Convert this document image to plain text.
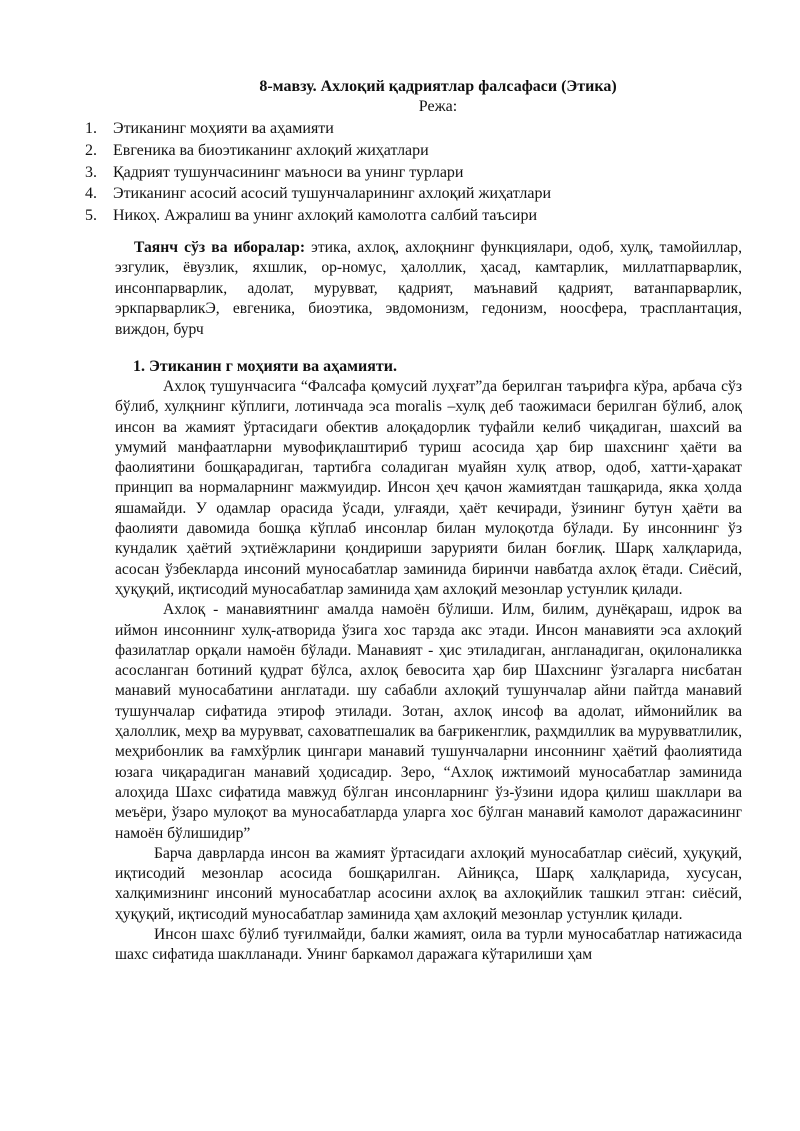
8-мавзу. Ахлоқий қадриятлар фалсафаси (Этика)
Режа:
1. Этиканинг моҳияти ва аҳамияти
2. Евгеника ва биоэтиканинг ахлоқий жиҳатлари
3. Қадрият тушунчасининг маъноси ва унинг турлари
4. Этиканинг асосий асосий тушунчаларининг ахлоқий жиҳатлари
5. Никоҳ. Ажралиш ва унинг ахлоқий камолотга салбий таъсири

Таянч сўз ва иборалар: этика, ахлоқ, ахлоқнинг функциялари, одоб, хулқ, тамойиллар, эзгулик, ёвузлик, яхшлик, ор-номус, ҳалоллик, ҳасад, камтарлик, миллатпарварлик, инсонпарварлик, адолат, мурувват, қадрият, маънавий қадрият, ватанпарварлик, эркпарварликЭ, евгеника, биоэтика, эвдомонизм, гедонизм, ноосфера, трасплантация, виждон, бурч

1. Этиканин г моҳияти ва аҳамияти.

Ахлоқ тушунчасига “Фалсафа қомусий луҳғат”да берилган таърифга кўра, арбача сўз бўлиб, хулқнинг кўплиги, лотинчада эса moralis –хулқ деб таожимаси берилган бўлиб, алоқ инсон ва жамият ўртасидаги обектив алоқадорлик туфайли келиб чиқадиган, шахсий ва умумий манфаатларни мувофиқлаштириб туриш асосида ҳар бир шахснинг ҳаёти ва фаолиятини бошқарадиган, тартибга соладиган муайян хулқ атвор, одоб, хатти-ҳаракат принцип ва нормаларнинг мажмуидир. Инсон ҳеч қачон жамиятдан ташқарида, якка ҳолда яшамайди. У одамлар орасида ўсади, улғаяди, ҳаёт кечиради, ўзининг бутун ҳаёти ва фаолияти давомида бошқа кўплаб инсонлар билан мулоқотда бўлади. Бу инсоннинг ўз кундалик ҳаётий эҳтиёжларини қондириши зарурияти билан боғлиқ. Шарқ халқларида, асосан ўзбекларда инсоний муносабатлар заминида биринчи навбатда ахлоқ ётади. Сиёсий, ҳуқуқий, иқтисодий муносабатлар заминида ҳам ахлоқий мезонлар устунлик қилади.

Ахлоқ - манавиятнинг амалда намоён бўлиши. Илм, билим, дунёқараш, идрок ва иймон инсоннинг хулқ-атворида ўзига хос тарзда акс этади. Инсон манавияти эса ахлоқий фазилатлар орқали намоён бўлади. Манавият - ҳис этиладиган, англанадиган, оқилоналикка асосланган ботиний қудрат бўлса, ахлоқ бевосита ҳар бир Шахснинг ўзгаларга нисбатан манавий муносабатини англатади. шу сабабли ахлоқий тушунчалар айни пайтда манавий тушунчалар сифатида этироф этилади. Зотан, ахлоқ инсоф ва адолат, иймонийлик ва ҳалоллик, меҳр ва мурувват, саховатпешалик ва бағрикенглик, раҳмдиллик ва мурувватлилик, меҳрибонлик ва ғамхўрлик цингари манавий тушунчаларни инсоннинг ҳаётий фаолиятида юзага чиқарадиган манавий ҳодисадир. Зеро, “Ахлоқ ижтимоий муносабатлар заминида алоҳида Шахс сифатида мавжуд бўлган инсонларнинг ўз-ўзини идора қилиш шакллари ва меъёри, ўзаро мулоқот ва муносабатларда уларга хос бўлган манавий камолот даражасининг намоён бўлишидир”

Барча даврларда инсон ва жамият ўртасидаги ахлоқий муносабатлар сиёсий, ҳуқуқий, иқтисодий мезонлар асосида бошқарилган. Айниқса, Шарқ халқларида, хусусан, халқимизнинг инсоний муносабатлар асосини ахлоқ ва ахлоқийлик ташкил этган: сиёсий, ҳуқуқий, иқтисодий муносабатлар заминида ҳам ахлоқий мезонлар устунлик қилади.

Инсон шахс бўлиб туғилмайди, балки жамият, оила ва турли муносабатлар натижасида шахс сифатида шаклланади. Унинг баркамол даражага кўтарилиши ҳам
